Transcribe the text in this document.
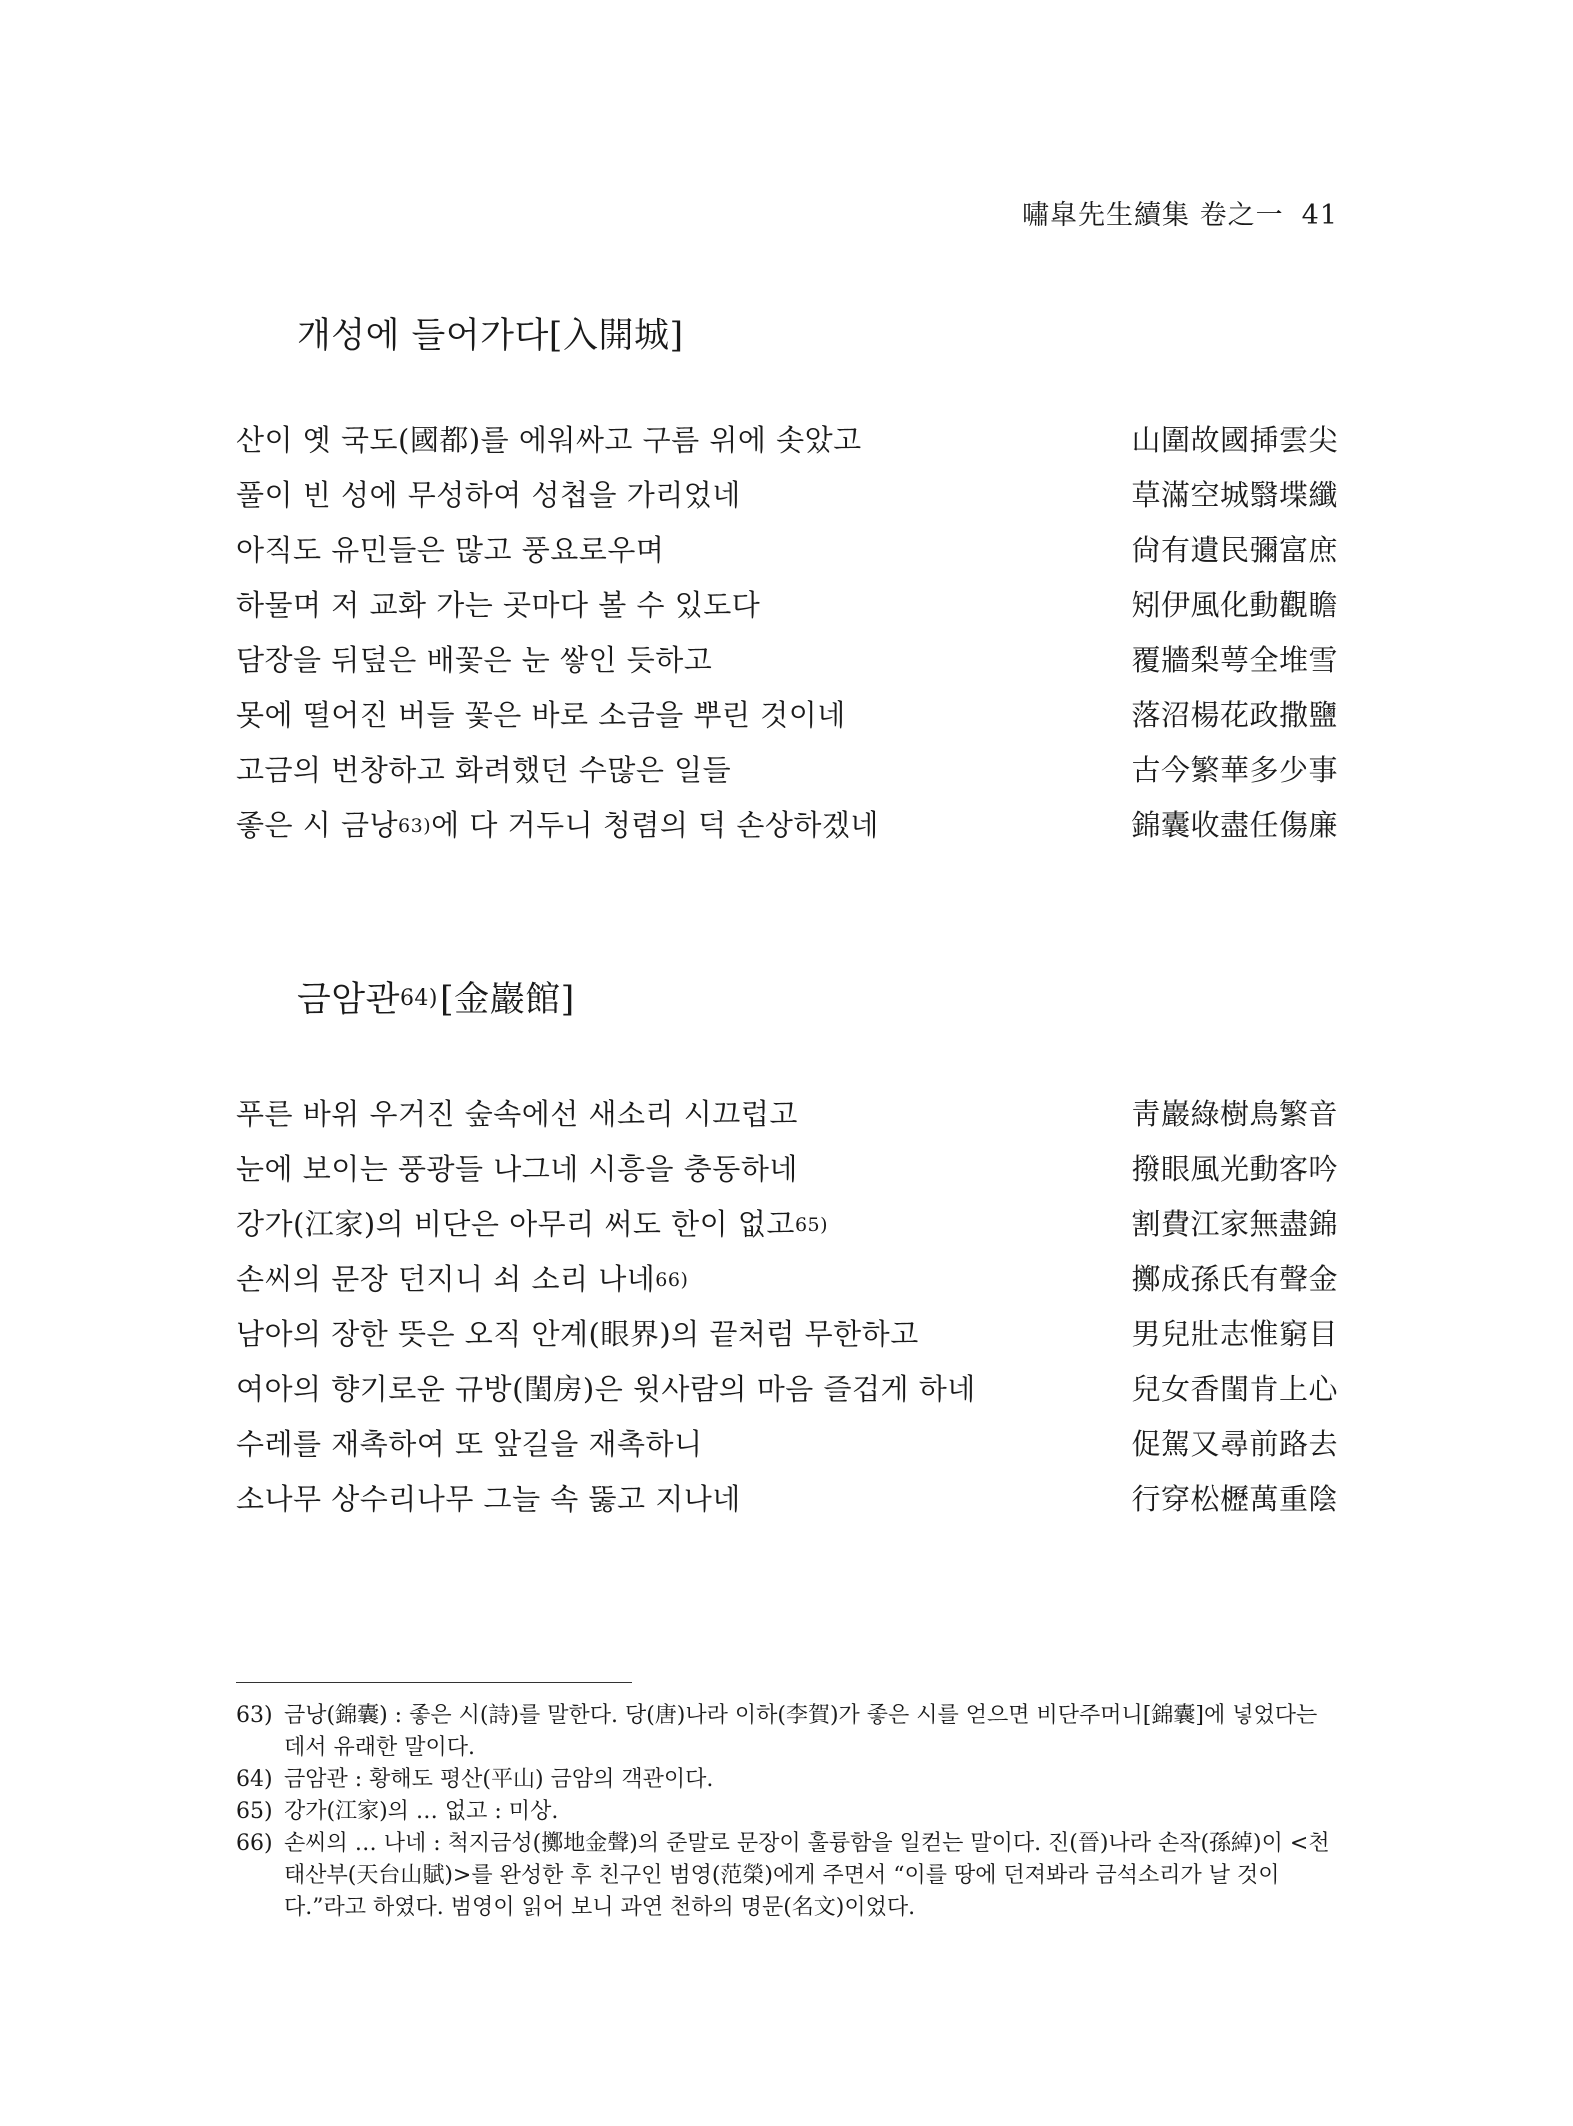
嘯皐先生續集 卷之一 41
개성에 들어가다[入開城]
산이 옛 국도(國都)를 에워싸고 구름 위에 솟았고	山圍故國揷雲尖
풀이 빈 성에 무성하여 성첩을 가리었네	草滿空城翳堞纖
아직도 유민들은 많고 풍요로우며	尙有遺民彌富庶
하물며 저 교화 가는 곳마다 볼 수 있도다	矧伊風化動觀瞻
담장을 뒤덮은 배꽃은 눈 쌓인 듯하고	覆牆梨萼全堆雪
못에 떨어진 버들 꽃은 바로 소금을 뿌린 것이네	落沼楊花政撒鹽
고금의 번창하고 화려했던 수많은 일들	古今繁華多少事
좋은 시 금낭$^{63)}$에 다 거두니 청렴의 덕 손상하겠네	錦囊收盡任傷廉
금암관$^{64)}$[金巖館]
푸른 바위 우거진 숲속에선 새소리 시끄럽고	靑巖綠樹鳥繁音
눈에 보이는 풍광들 나그네 시흥을 충동하네	撥眼風光動客吟
강가(江家)의 비단은 아무리 써도 한이 없고$^{65)}$	割費江家無盡錦
손씨의 문장 던지니 쇠 소리 나네$^{66)}$	擲成孫氏有聲金
남아의 장한 뜻은 오직 안계(眼界)의 끝처럼 무한하고	男兒壯志惟窮目
여아의 향기로운 규방(閨房)은 윗사람의 마음 즐겁게 하네	兒女香閨肯上心
수레를 재촉하여 또 앞길을 재촉하니	促駕又尋前路去
소나무 상수리나무 그늘 속 뚫고 지나네	行穿松櫪萬重陰
63) 금낭(錦囊) : 좋은 시(詩)를 말한다. 당(唐)나라 이하(李賀)가 좋은 시를 얻으면 비단주머니[錦囊]에 넣었다는 데서 유래한 말이다.
64) 금암관 : 황해도 평산(平山) 금암의 객관이다.
65) 강가(江家)의 … 없고 : 미상.
66) 손씨의 … 나네 : 척지금성(擲地金聲)의 준말로 문장이 훌륭함을 일컫는 말이다. 진(晉)나라 손작(孫綽)이 <천태산부(天台山賦)>를 완성한 후 친구인 범영(范榮)에게 주면서 “이를 땅에 던져봐라 금석소리가 날 것이다.”라고 하였다. 범영이 읽어 보니 과연 천하의 명문(名文)이었다.
